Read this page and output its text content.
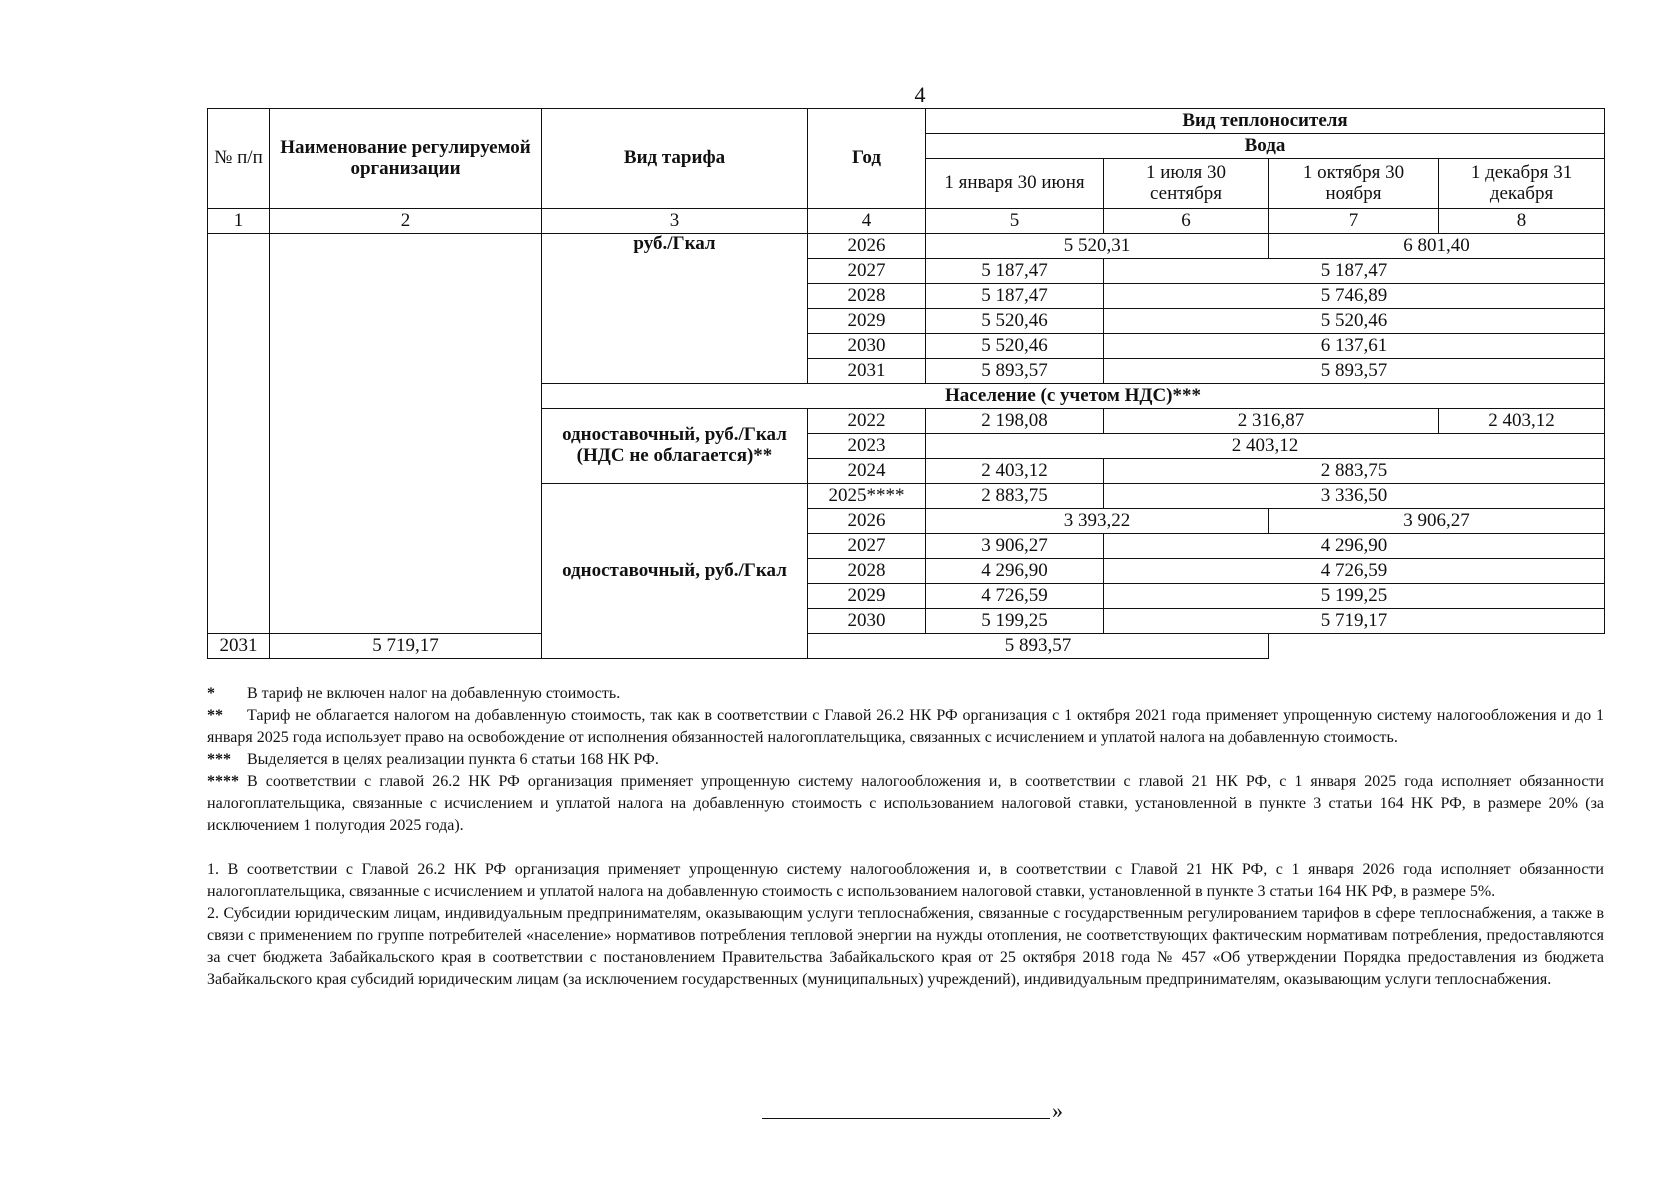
4
№ п/п	Наименование регулируемой организации	Вид тарифа	Год	Вид теплоносителя			
				Вода			
				1 января 30 июня	1 июля 30 сентября	1 октября 30 ноября	1 декабря 31 декабря
1	2	3	4	5	6	7	8
		руб./Гкал	2026	5 520,31		6 801,40	
			2027	5 187,47	5 187,47		
			2028	5 187,47	5 746,89		
			2029	5 520,46	5 520,46		
			2030	5 520,46	6 137,61		
			2031	5 893,57	5 893,57		
		Население (с учетом НДС)***					
		одноставочный, руб./Гкал (НДС не облагается)**	2022	2 198,08	2 316,87		2 403,12
			2023	2 403,12			
			2024	2 403,12	2 883,75		
		одноставочный, руб./Гкал	2025****	2 883,75	3 336,50		
			2026	3 393,22		3 906,27	
			2027	3 906,27	4 296,90		
			2028	4 296,90	4 726,59		
			2029	4 726,59	5 199,25		
			2030	5 199,25	5 719,17		
2031	5 719,17		5 893,57				

* В тариф не включен налог на добавленную стоимость.

** Тариф не облагается налогом на добавленную стоимость, так как в соответствии с Главой 26.2 НК РФ организация с 1 октября 2021 года применяет упрощенную систему налогообложения и до 1 января 2025 года использует право на освобождение от исполнения обязанностей налогоплательщика, связанных с исчислением и уплатой налога на добавленную стоимость.

*** Выделяется в целях реализации пункта 6 статьи 168 НК РФ.

**** В соответствии с главой 26.2 НК РФ организация применяет упрощенную систему налогообложения и, в соответствии с главой 21 НК РФ, с 1 января 2025 года исполняет обязанности налогоплательщика, связанные с исчислением и уплатой налога на добавленную стоимость с использованием налоговой ставки, установленной в пункте 3 статьи 164 НК РФ, в размере 20% (за исключением 1 полугодия 2025 года).

1. В соответствии с Главой 26.2 НК РФ организация применяет упрощенную систему налогообложения и, в соответствии с Главой 21 НК РФ, с 1 января 2026 года исполняет обязанности налогоплательщика, связанные с исчислением и уплатой налога на добавленную стоимость с использованием налоговой ставки, установленной в пункте 3 статьи 164 НК РФ, в размере 5%.

2. Субсидии юридическим лицам, индивидуальным предпринимателям, оказывающим услуги теплоснабжения, связанные с государственным регулированием тарифов в сфере теплоснабжения, а также в связи с применением по группе потребителей «население» нормативов потребления тепловой энергии на нужды отопления, не соответствующих фактическим нормативам потребления, предоставляются за счет бюджета Забайкальского края в соответствии с постановлением Правительства Забайкальского края от 25 октября 2018 года № 457 «Об утверждении Порядка предоставления из бюджета Забайкальского края субсидий юридическим лицам (за исключением государственных (муниципальных) учреждений), индивидуальным предпринимателям, оказывающим услуги теплоснабжения.

»
